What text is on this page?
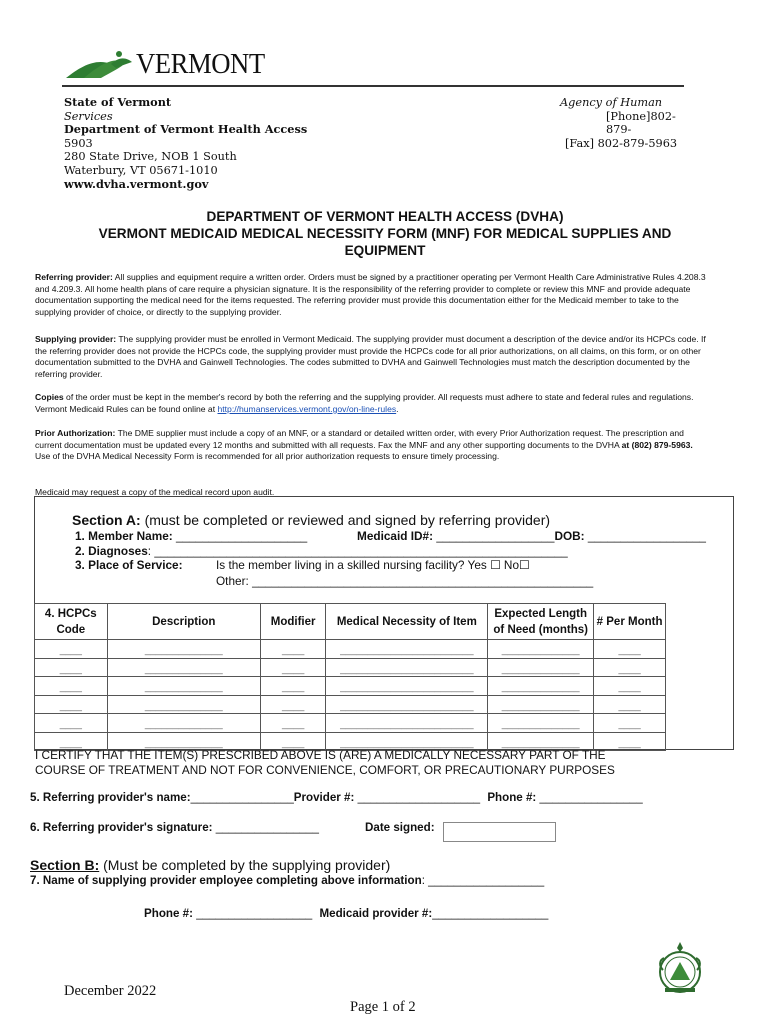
VERMONT
State of Vermont
Services
Department of Vermont Health Access
5903
280 State Drive, NOB 1 South
Waterbury, VT 05671-1010
www.dvha.vermont.gov
Agency of Human
[Phone]802-879-
[Fax] 802-879-5963
DEPARTMENT OF VERMONT HEALTH ACCESS (DVHA)
VERMONT MEDICAID MEDICAL NECESSITY FORM (MNF) FOR MEDICAL SUPPLIES AND
EQUIPMENT
Referring provider: All supplies and equipment require a written order. Orders must be signed by a practitioner operating per Vermont Health Care Administrative Rules 4.208.3 and 4.209.3. All home health plans of care require a physician signature. It is the responsibility of the referring provider to complete or review this MNF and provide adequate documentation supporting the medical need for the items requested. The referring provider must provide this documentation either for the Medicaid member to take to the supplying provider of choice, or directly to the supplying provider.
Supplying provider: The supplying provider must be enrolled in Vermont Medicaid. The supplying provider must document a description of the device and/or its HCPCs code. If the referring provider does not provide the HCPCs code, the supplying provider must provide the HCPCs code for all prior authorizations, on all claims, on this form, or on other documentation submitted to the DVHA and Gainwell Technologies. The codes submitted to DVHA and Gainwell Technologies must match the description documented by the referring provider.
Copies of the order must be kept in the member's record by both the referring and the supplying provider. All requests must adhere to state and federal rules and regulations. Vermont Medicaid Rules can be found online at http://humanservices.vermont.gov/on-line-rules.
Prior Authorization: The DME supplier must include a copy of an MNF, or a standard or detailed written order, with every Prior Authorization request. The prescription and current documentation must be updated every 12 months and submitted with all requests. Fax the MNF and any other supporting documents to the DVHA at (802) 879-5963. Use of the DVHA Medical Necessity Form is recommended for all prior authorization requests to ensure timely processing.
Medicaid may request a copy of the medical record upon audit.
Section A: (must be completed or reviewed and signed by referring provider)
1. Member Name: ____________________	Medicaid ID#: __________________DOB: __________________
2. Diagnoses: _______________________________________________________________
3. Place of Service:	Is the member living in a skilled nursing facility? Yes ☐ No☐
Other: ____________________________________________________
4. HCPCs Code	Description	Modifier	Medical Necessity of Item	Expected Length of Need (months)	# Per Month
____	______________	____	________________________	______________	____
____	______________	____	________________________	______________	____
____	______________	____	________________________	______________	____
____	______________	____	________________________	______________	____
____	______________	____	________________________	______________	____
____	______________	____	________________________	______________	____
I CERTIFY THAT THE ITEM(S) PRESCRIBED ABOVE IS (ARE) A MEDICALLY NECESSARY PART OF THE
COURSE OF TREATMENT AND NOT FOR CONVENIENCE, COMFORT, OR PRECAUTIONARY PURPOSES
5. Referring provider's name:________________Provider #: ___________________ Phone #: ________________
6. Referring provider's signature: ________________	Date signed:
Section B: (Must be completed by the supplying provider)
7. Name of supplying provider employee completing above information: __________________
Phone #: __________________ Medicaid provider #:__________________
December 2022
Page 1 of 2
